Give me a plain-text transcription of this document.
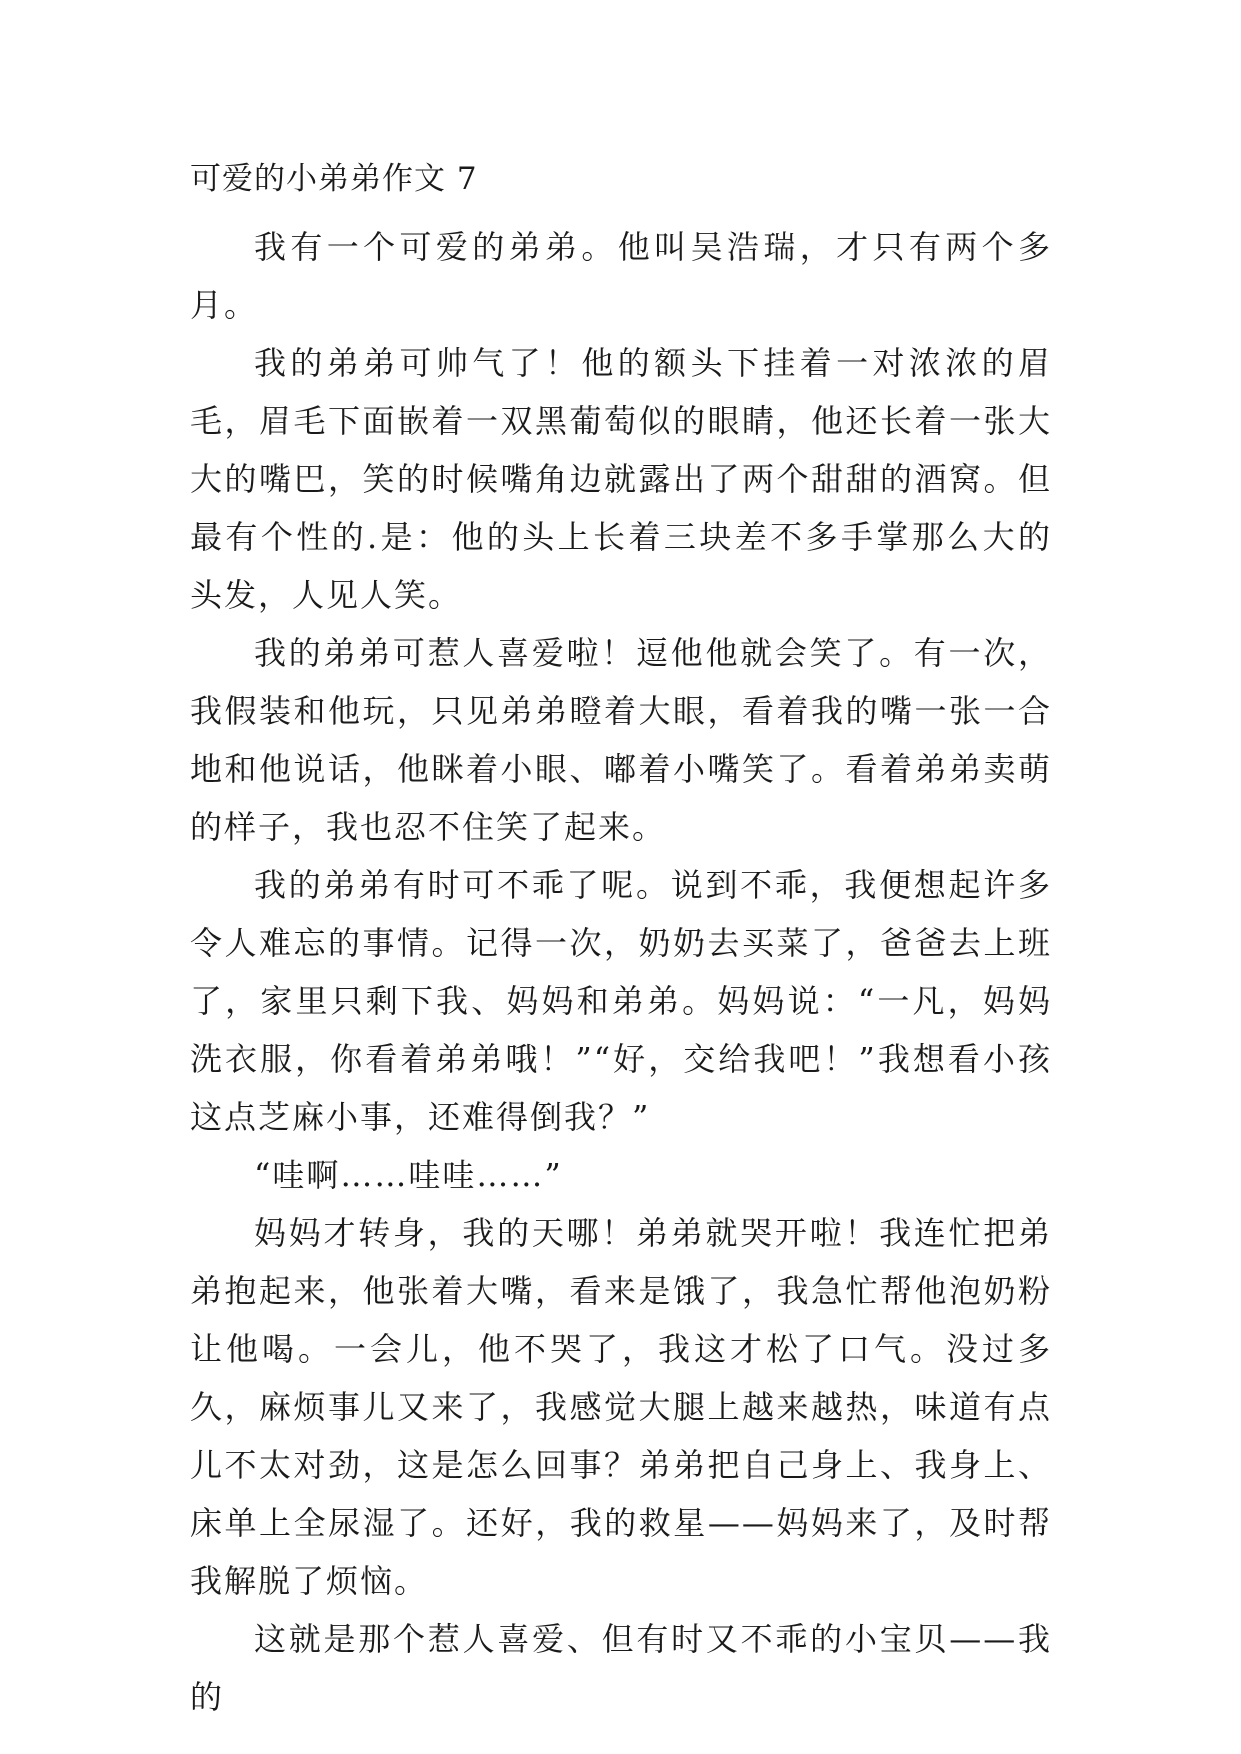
可爱的小弟弟作文 7

我有一个可爱的弟弟。他叫吴浩瑞，才只有两个多月。

我的弟弟可帅气了！他的额头下挂着一对浓浓的眉毛，眉毛下面嵌着一双黑葡萄似的眼睛，他还长着一张大大的嘴巴，笑的时候嘴角边就露出了两个甜甜的酒窝。但最有个性的.是：他的头上长着三块差不多手掌那么大的头发，人见人笑。

我的弟弟可惹人喜爱啦！逗他他就会笑了。有一次，我假装和他玩，只见弟弟瞪着大眼，看着我的嘴一张一合地和他说话，他眯着小眼、嘟着小嘴笑了。看着弟弟卖萌的样子，我也忍不住笑了起来。

我的弟弟有时可不乖了呢。说到不乖，我便想起许多令人难忘的事情。记得一次，奶奶去买菜了，爸爸去上班了，家里只剩下我、妈妈和弟弟。妈妈说：“一凡，妈妈洗衣服，你看着弟弟哦！”“好，交给我吧！”我想看小孩这点芝麻小事，还难得倒我？”

“哇啊……哇哇……”

妈妈才转身，我的天哪！弟弟就哭开啦！我连忙把弟弟抱起来，他张着大嘴，看来是饿了，我急忙帮他泡奶粉让他喝。一会儿，他不哭了，我这才松了口气。没过多久，麻烦事儿又来了，我感觉大腿上越来越热，味道有点儿不太对劲，这是怎么回事？弟弟把自己身上、我身上、床单上全尿湿了。还好，我的救星——妈妈来了，及时帮我解脱了烦恼。

这就是那个惹人喜爱、但有时又不乖的小宝贝——我的
